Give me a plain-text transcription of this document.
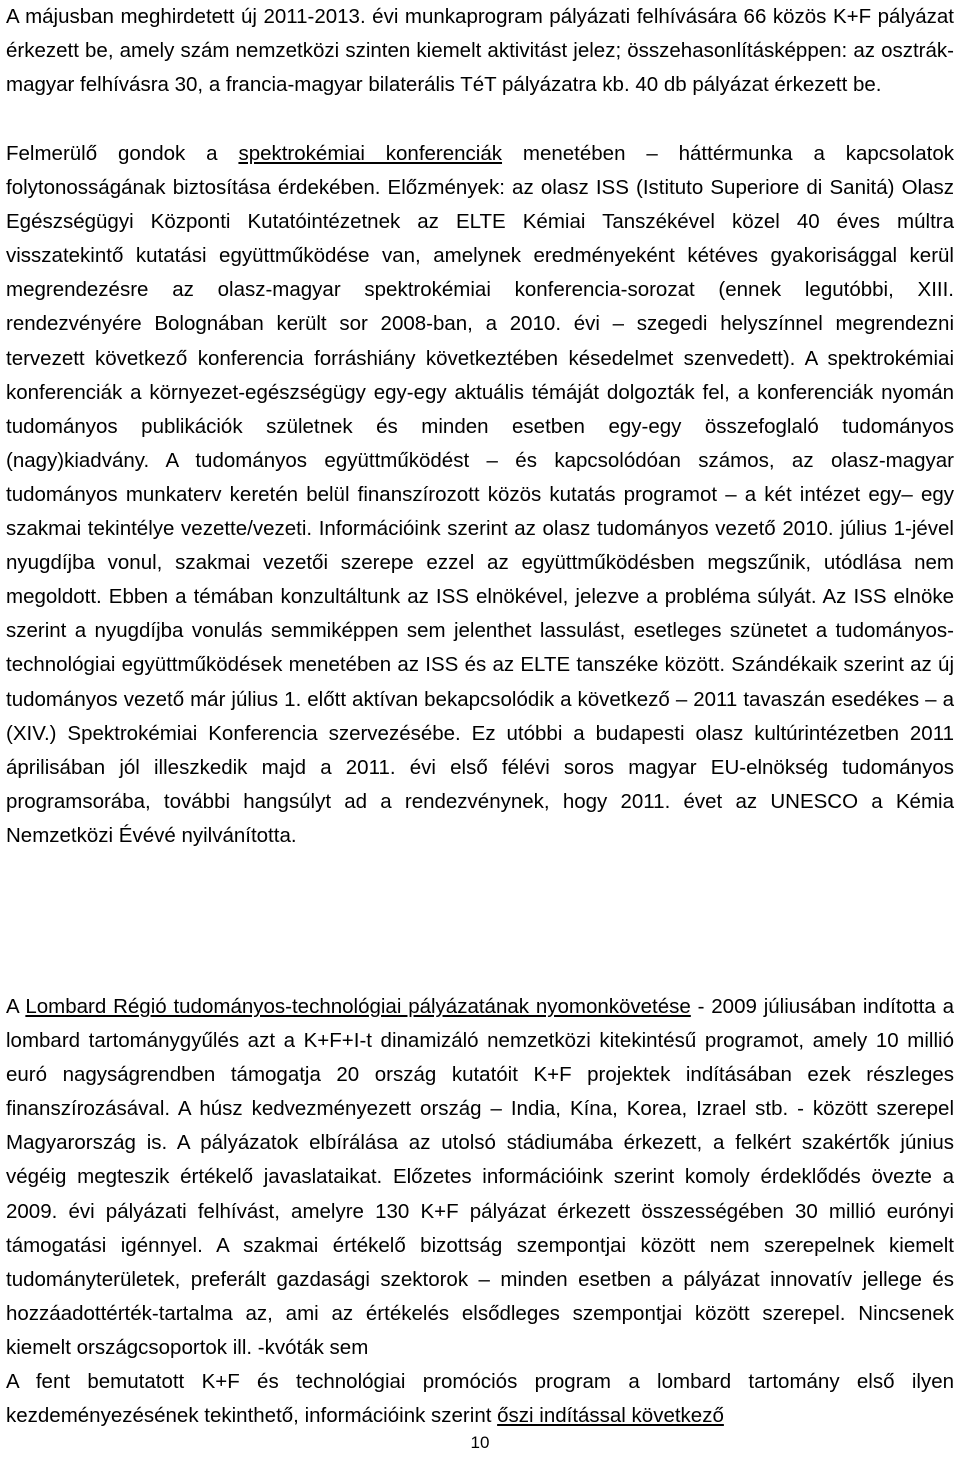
A májusban meghirdetett új 2011-2013. évi munkaprogram pályázati felhívására 66 közös K+F pályázat érkezett be, amely szám nemzetközi szinten kiemelt aktivitást jelez; összehasonlításképpen: az osztrák-magyar felhívásra 30, a francia-magyar bilaterális TéT pályázatra kb. 40 db pályázat érkezett be.

Felmerülő gondok a spektrokémiai konferenciák menetében – háttérmunka a kapcsolatok folytonosságának biztosítása érdekében. Előzmények: az olasz ISS (Istituto Superiore di Sanitá) Olasz Egészségügyi Központi Kutatóintézetnek az ELTE Kémiai Tanszékével közel 40 éves múltra visszatekintő kutatási együttműködése van, amelynek eredményeként kétéves gyakorisággal kerül megrendezésre az olasz-magyar spektrokémiai konferencia-sorozat (ennek legutóbbi, XIII. rendezvényére Bolognában került sor 2008-ban, a 2010. évi – szegedi helyszínnel megrendezni tervezett következő konferencia forráshiány következtében késedelmet szenvedett). A spektrokémiai konferenciák a környezet-egészségügy egy-egy aktuális témáját dolgozták fel, a konferenciák nyomán tudományos publikációk születnek és minden esetben egy-egy összefoglaló tudományos (nagy)kiadvány. A tudományos együttműködést – és kapcsolódóan számos, az olasz-magyar tudományos munkaterv keretén belül finanszírozott közös kutatás programot – a két intézet egy– egy szakmai tekintélye vezette/vezeti. Információink szerint az olasz tudományos vezető 2010. július 1-jével nyugdíjba vonul, szakmai vezetői szerepe ezzel az együttműködésben megszűnik, utódlása nem megoldott. Ebben a témában konzultáltunk az ISS elnökével, jelezve a probléma súlyát. Az ISS elnöke szerint a nyugdíjba vonulás semmiképpen sem jelenthet lassulást, esetleges szünetet a tudományos-technológiai együttműködések menetében az ISS és az ELTE tanszéke között. Szándékaik szerint az új tudományos vezető már július 1. előtt aktívan bekapcsolódik a következő – 2011 tavaszán esedékes – a (XIV.) Spektrokémiai Konferencia szervezésébe. Ez utóbbi a budapesti olasz kultúrintézetben 2011 áprilisában jól illeszkedik majd a 2011. évi első félévi soros magyar EU-elnökség tudományos programsorába, további hangsúlyt ad a rendezvénynek, hogy 2011. évet az UNESCO a Kémia Nemzetközi Évévé nyilvánította.

A Lombard Régió tudományos-technológiai pályázatának nyomonkövetése - 2009 júliusában indította a lombard tartománygyűlés azt a K+F+I-t dinamizáló nemzetközi kitekintésű programot, amely 10 millió euró nagyságrendben támogatja 20 ország kutatóit K+F projektek indításában ezek részleges finanszírozásával. A húsz kedvezményezett ország – India, Kína, Korea, Izrael stb. - között szerepel Magyarország is. A pályázatok elbírálása az utolsó stádiumába érkezett, a felkért szakértők június végéig megteszik értékelő javaslataikat. Előzetes információink szerint komoly érdeklődés övezte a 2009. évi pályázati felhívást, amelyre 130 K+F pályázat érkezett összességében 30 millió eurónyi támogatási igénnyel. A szakmai értékelő bizottság szempontjai között nem szerepelnek kiemelt tudományterületek, preferált gazdasági szektorok – minden esetben a pályázat innovatív jellege és hozzáadottérték-tartalma az, ami az értékelés elsődleges szempontjai között szerepel. Nincsenek kiemelt országcsoportok ill. -kvóták sem

A fent bemutatott K+F és technológiai promóciós program a lombard tartomány első ilyen kezdeményezésének tekinthető, információink szerint őszi indítással következő

10
